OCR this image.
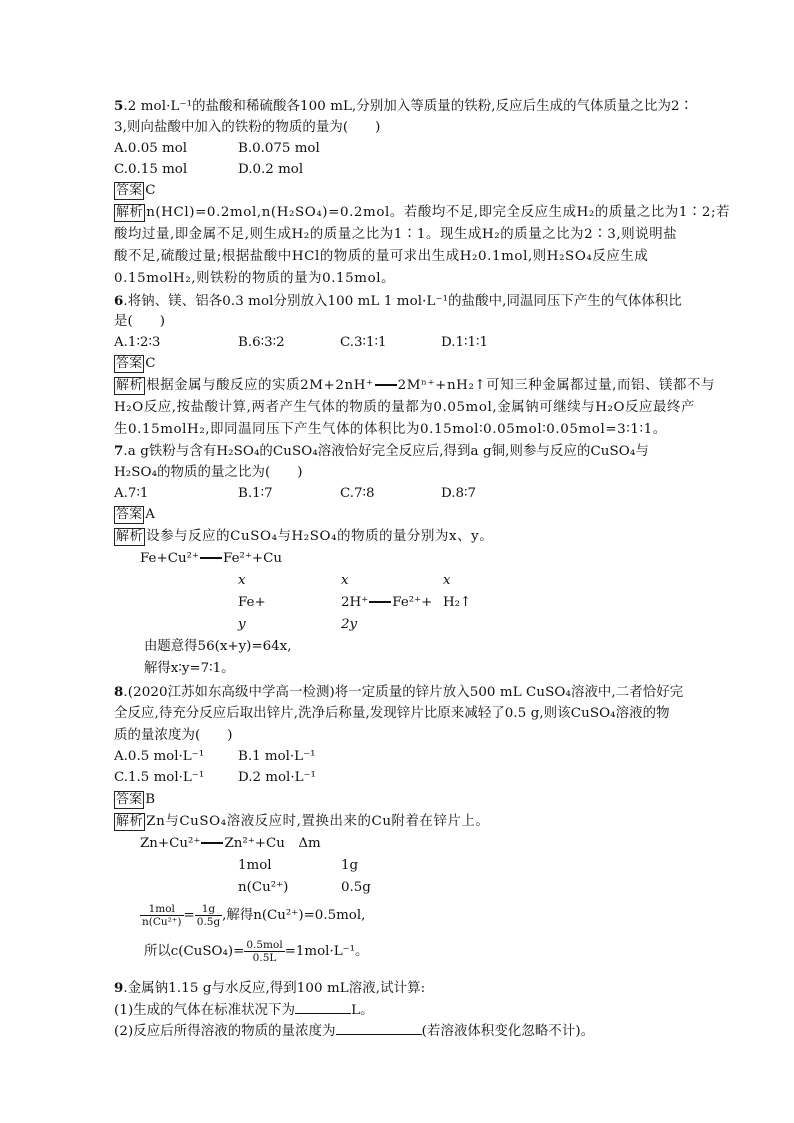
5.2 mol·L⁻¹的盐酸和稀硫酸各100 mL,分别加入等质量的铁粉,反应后生成的气体质量之比为2∶
3,则向盐酸中加入的铁粉的物质的量为(　　)
A.0.05 mol	B.0.075 mol
C.0.15 mol	D.0.2 mol
答案 C
解析 n(HCl)=0.2mol,n(H₂SO₄)=0.2mol。若酸均不足,即完全反应生成H₂的质量之比为1∶2;若
酸均过量,即金属不足,则生成H₂的质量之比为1∶1。现生成H₂的质量之比为2∶3,则说明盐
酸不足,硫酸过量;根据盐酸中HCl的物质的量可求出生成H₂0.1mol,则H₂SO₄反应生成
0.15molH₂,则铁粉的物质的量为0.15mol。
6.将钠、镁、铝各0.3 mol分别放入100 mL 1 mol·L⁻¹的盐酸中,同温同压下产生的气体体积比
是(　　)
A.1∶2∶3	B.6∶3∶2	C.3∶1∶1	D.1∶1∶1
答案 C
解析 根据金属与酸反应的实质2M+2nH⁺ 2Mⁿ⁺+nH₂↑可知三种金属都过量,而铝、镁都不与
H₂O反应,按盐酸计算,两者产生气体的物质的量都为0.05mol,金属钠可继续与H₂O反应最终产
生0.15molH₂,即同温同压下产生气体的体积比为0.15mol∶0.05mol∶0.05mol=3∶1∶1。
7.a g铁粉与含有H₂SO₄的CuSO₄溶液恰好完全反应后,得到a g铜,则参与反应的CuSO₄与
H₂SO₄的物质的量之比为(　　)
A.7∶1	B.1∶7	C.7∶8	D.8∶7
答案 A
解析 设参与反应的CuSO₄与H₂SO₄的物质的量分别为x、y。
Fe+Cu²⁺ Fe²⁺+Cu
x	x	x
Fe+	2H⁺ Fe²⁺+ H₂↑
y	2y
由题意得56(x+y)=64x,
解得x∶y=7∶1。
8.(2020江苏如东高级中学高一检测)将一定质量的锌片放入500 mL CuSO₄溶液中,二者恰好完
全反应,待充分反应后取出锌片,洗净后称量,发现锌片比原来减轻了0.5 g,则该CuSO₄溶液的物
质的量浓度为(　　)
A.0.5 mol·L⁻¹	B.1 mol·L⁻¹
C.1.5 mol·L⁻¹	D.2 mol·L⁻¹
答案 B
解析 Zn与CuSO₄溶液反应时,置换出来的Cu附着在锌片上。
Zn+Cu²⁺ Zn²⁺+Cu　Δm
1mol	1g
n(Cu²⁺)	0.5g
$\frac{\text{1mol}}{\text{n(Cu²⁺)}} = \frac{1g}{0.5g}$ ,解得n(Cu²⁺)=0.5mol,
所以c(CuSO₄)= $\frac{\text{0.5mol}}{0.5L} =1mol\cdot L^{-1}$。
9.金属钠1.15 g与水反应,得到100 mL溶液,试计算:
(1)生成的气体在标准状况下为	L。
(2)反应后所得溶液的物质的量浓度为	(若溶液体积变化忽略不计)。
